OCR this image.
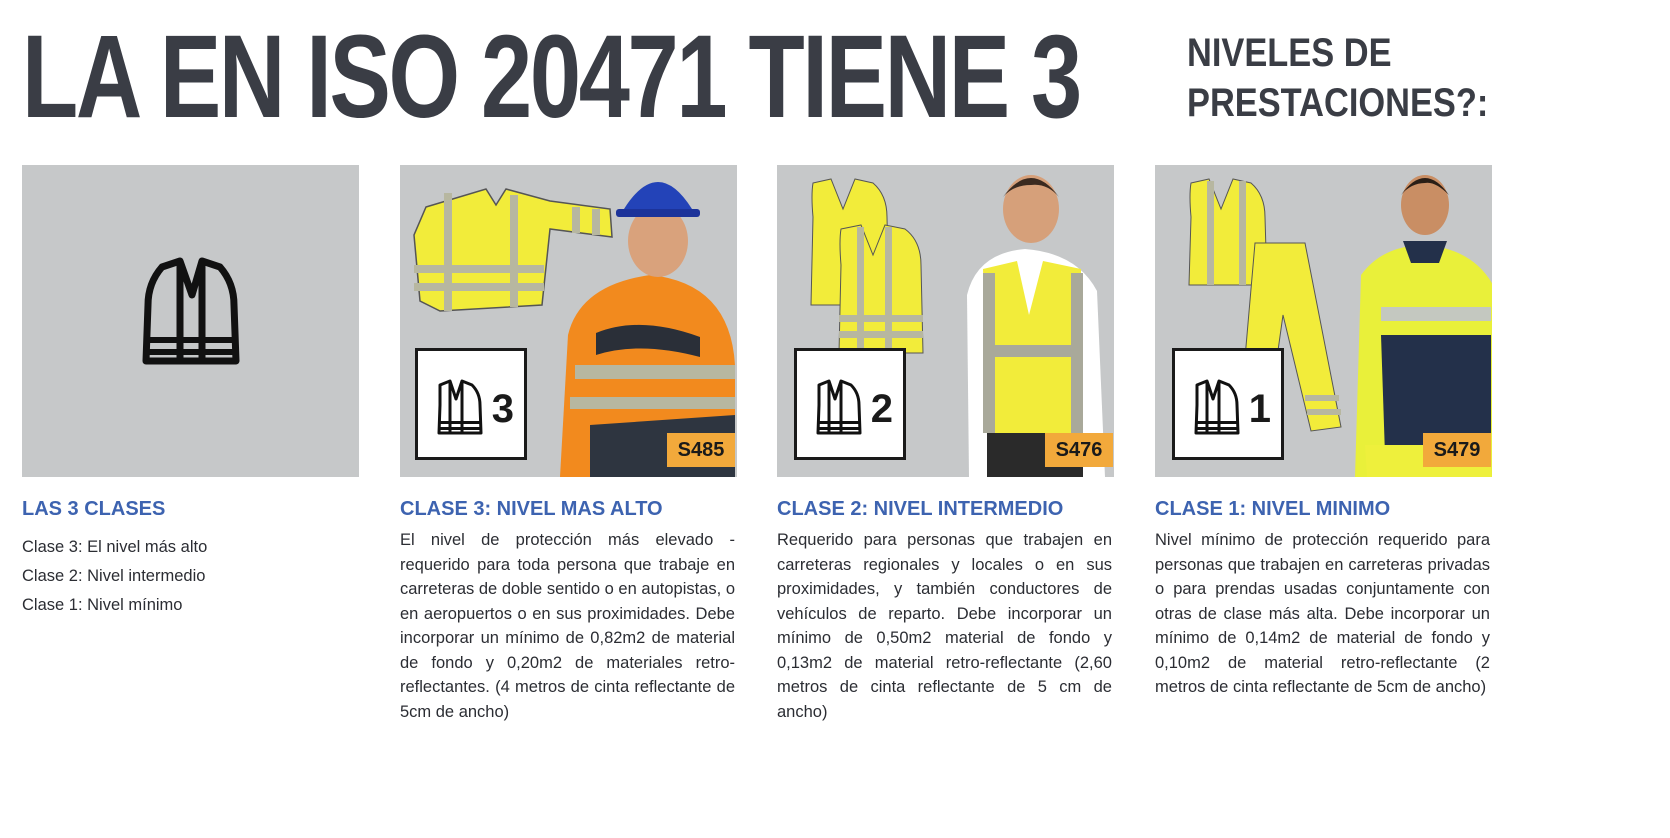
LA EN ISO 20471 TIENE 3	NIVELES DE
PRESTACIONES?:
3
S485
2
S476
1
S479
LAS 3 CLASES
Clase 3: El nivel más alto
Clase 2: Nivel intermedio
Clase 1: Nivel mínimo
CLASE 3: NIVEL MAS ALTO

El nivel de protección más elevado - requerido para toda persona que trabaje en carreteras de doble sentido o en autopistas, o en aeropuertos o en sus proximidades. Debe incorporar un mínimo de 0,82m2 de material de fondo y 0,20m2 de materiales retro-reflectantes. (4 metros de cinta reflectante de 5cm de ancho)

CLASE 2: NIVEL INTERMEDIO

Requerido para personas que trabajen en carreteras regionales y locales o en sus proximidades, y también conductores de vehículos de reparto. Debe incorporar un mínimo de 0,50m2 material de fondo y 0,13m2 de material retro-reflectante (2,60 metros de cinta reflectante de 5 cm de ancho)

CLASE 1: NIVEL MINIMO

Nivel mínimo de protección requerido para personas que trabajen en carreteras privadas o para prendas usadas conjuntamente con otras de clase más alta. Debe incorporar un mínimo de 0,14m2 de material de fondo y 0,10m2 de material retro-reflectante (2 metros de cinta reflectante de 5cm de ancho)
